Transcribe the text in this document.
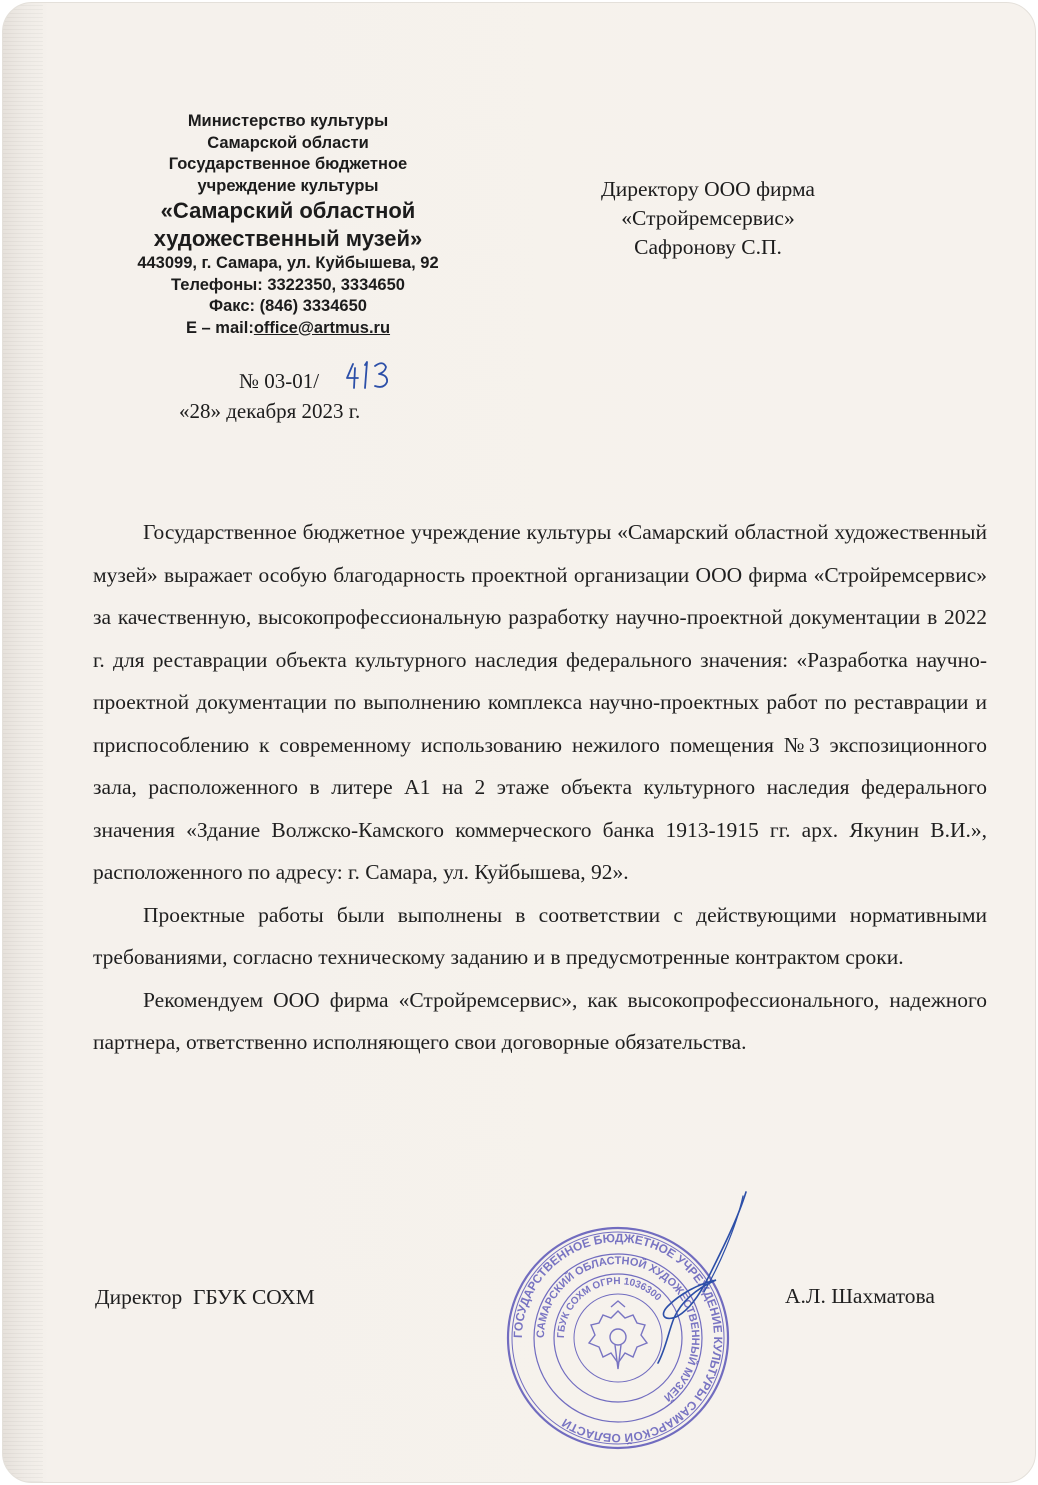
Министерство культуры
Самарской области
Государственное бюджетное
учреждение культуры
«Самарский областной
художественный музей»
443099, г. Самара, ул. Куйбышева, 92
Телефоны: 3322350, 3334650
Факс: (846) 3334650
Е – mail:office@artmus.ru
Директору ООО фирма
«Стройремсервис»
Сафронову С.П.
№ 03-01/
«28» декабря 2023 г.

Государственное бюджетное учреждение культуры «Самарский областной художественный музей» выражает особую благодарность проектной организации ООО фирма «Стройремсервис» за качественную, высокопрофессиональную разработку научно-проектной документации в 2022 г. для реставрации объекта культурного наследия федерального значения: «Разработка научно-проектной документации по выполнению комплекса научно-проектных работ по реставрации и приспособлению к современному использованию нежилого помещения №3 экспозиционного зала, расположенного в литере А1 на 2 этаже объекта культурного наследия федерального значения «Здание Волжско-Камского коммерческого банка 1913-1915 гг. арх. Якунин В.И.», расположенного по адресу: г. Самара, ул. Куйбышева, 92».

Проектные работы были выполнены в соответствии с действующими нормативными требованиями, согласно техническому заданию и в предусмотренные контрактом сроки.

Рекомендуем ООО фирма «Стройремсервис», как высокопрофессионального, надежного партнера, ответственно исполняющего свои договорные обязательства.

Директор  ГБУК СОХМ	А.Л. Шахматова
ГОСУДАРСТВЕННОЕ БЮДЖЕТНОЕ УЧРЕЖДЕНИЕ КУЛЬТУРЫ САМАРСКОЙ ОБЛАСТИ
САМАРСКИЙ ОБЛАСТНОЙ ХУДОЖЕСТВЕННЫЙ МУЗЕЙ
ГБУК СОХМ ОГРН 1036300
